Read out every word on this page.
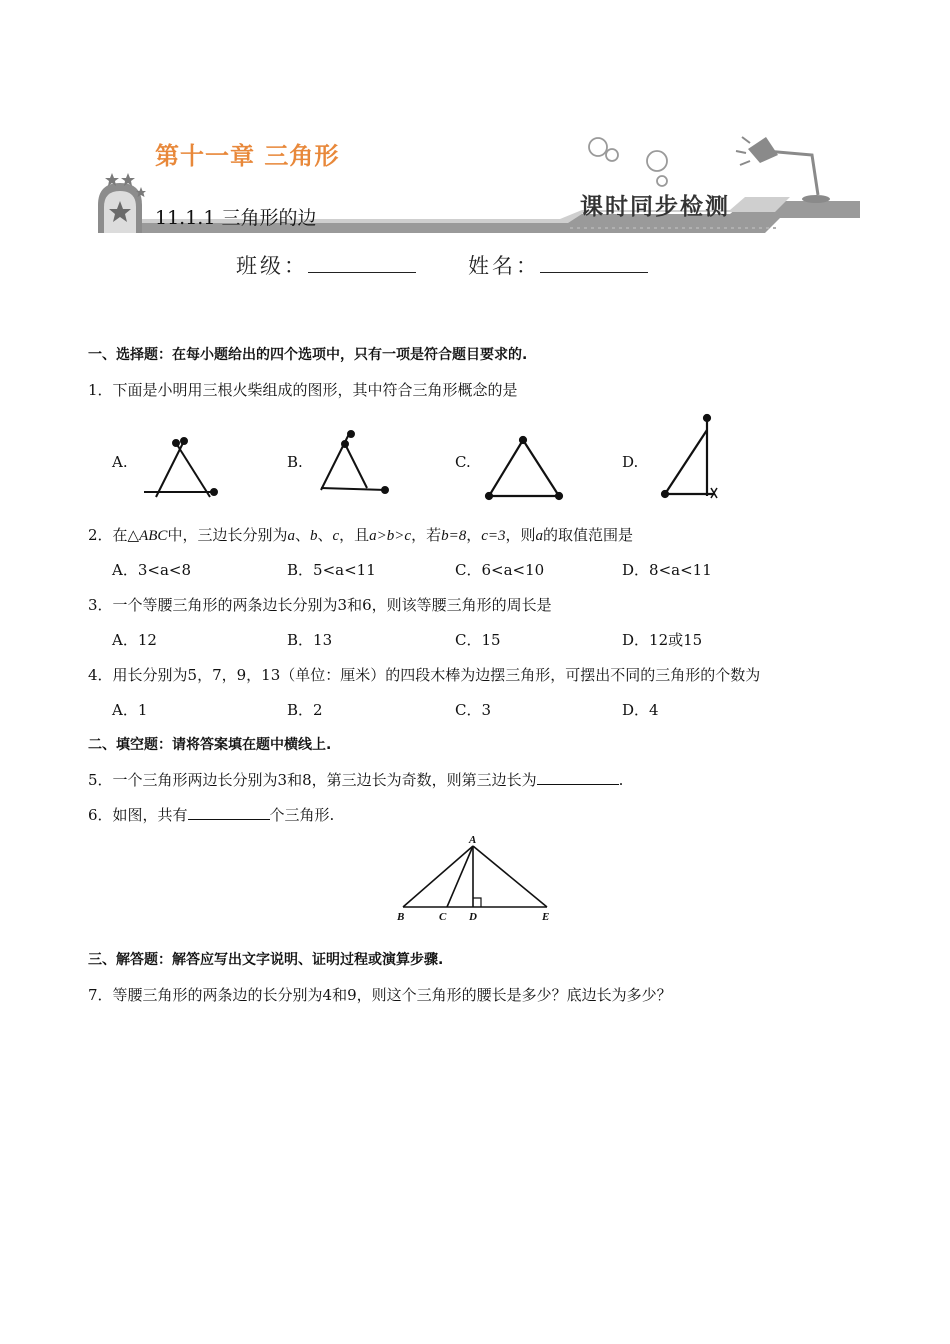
第十一章 三角形
11.1.1 三角形的边	课时同步检测
班级：	姓名：
一、选择题：在每小题给出的四个选项中，只有一项是符合题目要求的.
1．下面是小明用三根火柴组成的图形，其中符合三角形概念的是
A.	B.	C.	D.
2．在△ABC中，三边长分别为a、b、c，且a>b>c，若b=8，c=3，则a的取值范围是
A．3<a<8	B．5<a<11	C．6<a<10	D．8<a<11
3．一个等腰三角形的两条边长分别为3和6，则该等腰三角形的周长是
A．12	B．13	C．15	D．12或15
4．用长分别为5，7，9，13（单位：厘米）的四段木棒为边摆三角形，可摆出不同的三角形的个数为
A．1	B．2	C．3	D．4
二、填空题：请将答案填在题中横线上.
5．一个三角形两边长分别为3和8，第三边长为奇数，则第三边长为	.
6．如图，共有	个三角形.
A
B	C D	E
三、解答题：解答应写出文字说明、证明过程或演算步骤.
7．等腰三角形的两条边的长分别为4和9，则这个三角形的腰长是多少？底边长为多少？
